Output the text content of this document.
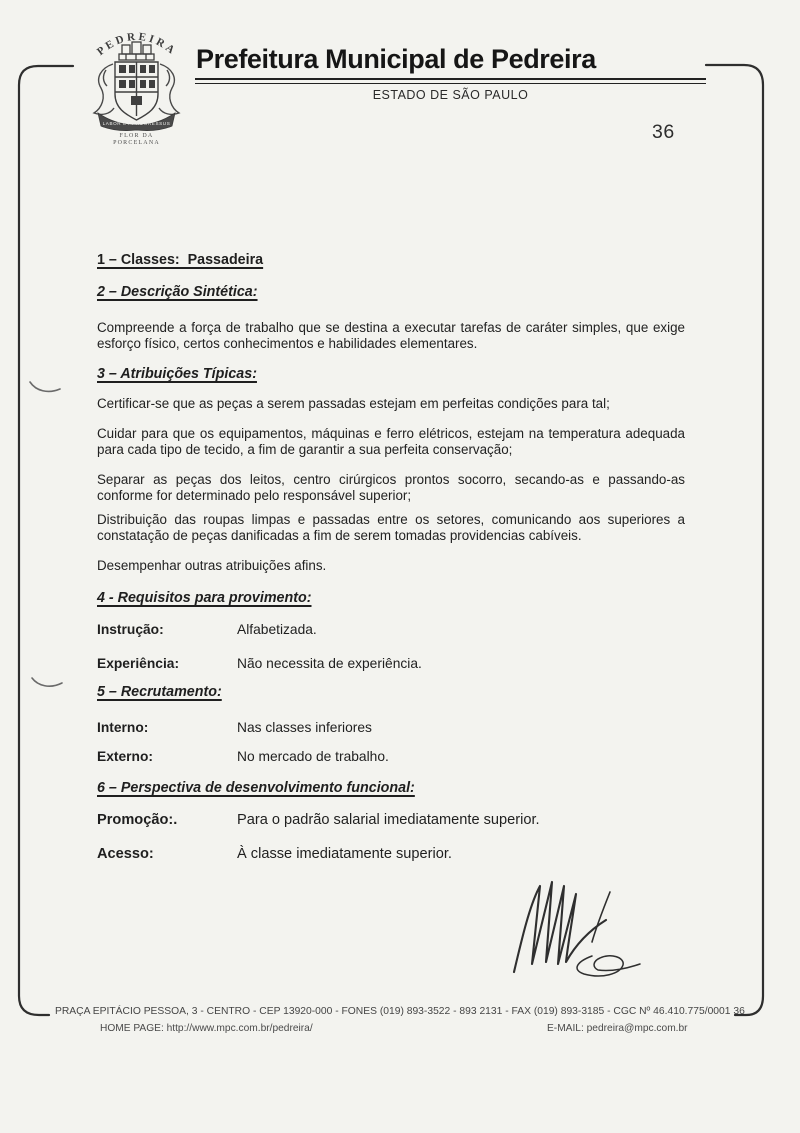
PEDREIRA
LABOR ET PROGRESSUS
FLOR DA
PORCELANA
Prefeitura Municipal de Pedreira
ESTADO DE SÃO PAULO
36
1 – Classes:  Passadeira
2 – Descrição Sintética:
Compreende a força de trabalho que se destina a executar tarefas de caráter simples, que exige esforço físico, certos conhecimentos e habilidades elementares.
3 – Atribuições Típicas:
Certificar-se que as peças a serem passadas estejam em perfeitas condições para tal;
Cuidar para que os equipamentos, máquinas e ferro elétricos, estejam na temperatura adequada para cada tipo de tecido, a fim de garantir a sua perfeita conservação;
Separar as peças dos leitos, centro cirúrgicos prontos socorro, secando-as e passando-as conforme for determinado pelo responsável superior;
Distribuição das roupas limpas e passadas entre os setores, comunicando aos superiores a constatação de peças danificadas a fim de serem tomadas providencias cabíveis.
Desempenhar outras atribuições afins.
4 - Requisitos para provimento:
Instrução:	Alfabetizada.
Experiência:	Não necessita de experiência.
5 – Recrutamento:
Interno:	Nas classes inferiores
Externo:	No mercado de trabalho.
6 – Perspectiva de desenvolvimento funcional:
Promoção:.	Para o padrão salarial imediatamente superior.
Acesso:	À classe imediatamente superior.
PRAÇA EPITÁCIO PESSOA, 3 - CENTRO - CEP 13920-000 - FONES (019) 893-3522 - 893 2131 - FAX (019) 893-3185 - CGC Nº 46.410.775/0001 36
HOME PAGE: http://www.mpc.com.br/pedreira/	E-MAIL: pedreira@mpc.com.br
